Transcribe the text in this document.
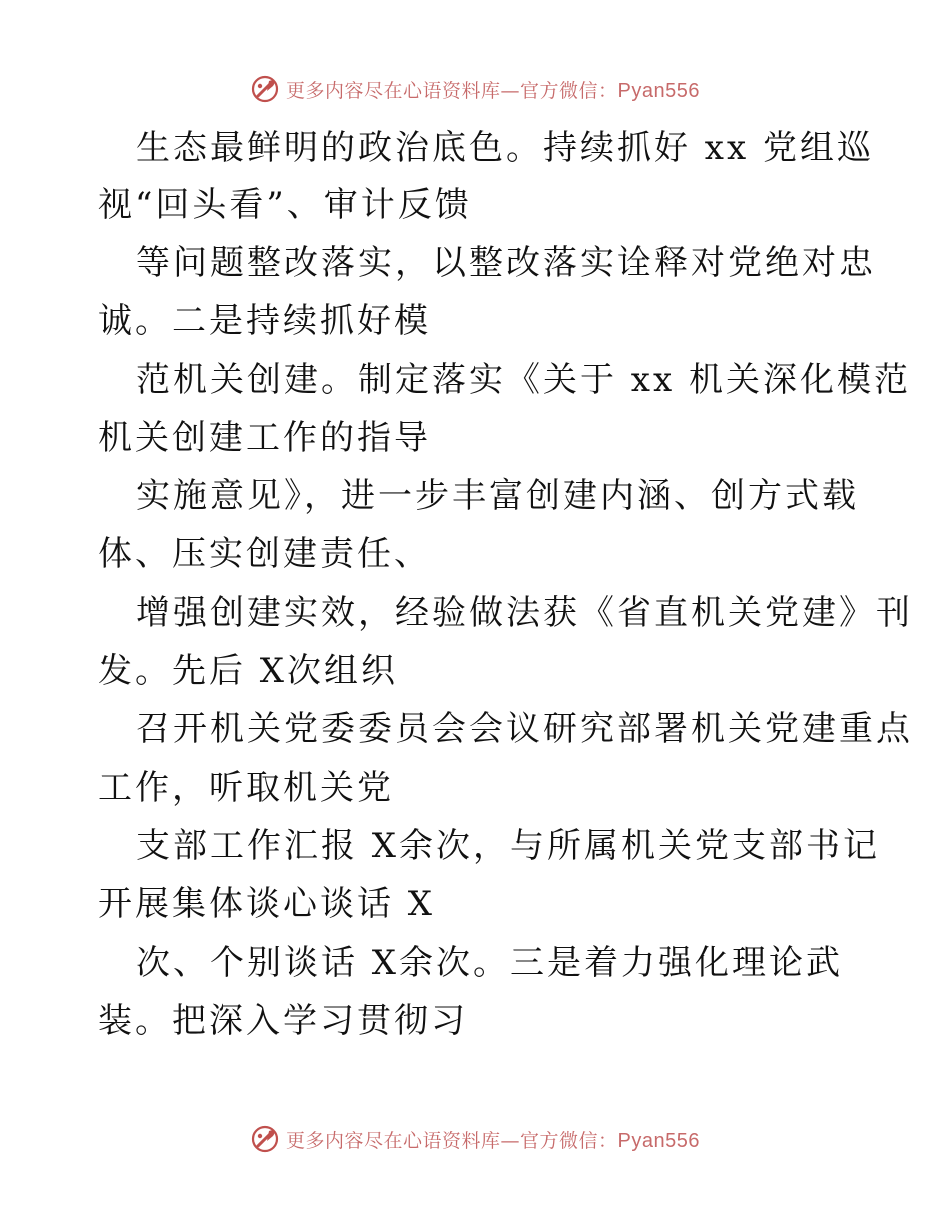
更多内容尽在心语资料库—官方微信：Pyan556
生态最鲜明的政治底色。持续抓好 xx 党组巡
视“回头看”、审计反馈
等问题整改落实，以整改落实诠释对党绝对忠
诚。二是持续抓好模
范机关创建。制定落实《关于 xx 机关深化模范
机关创建工作的指导
实施意见》，进一步丰富创建内涵、创方式载
体、压实创建责任、
增强创建实效，经验做法获《省直机关党建》刊
发。先后 X次组织
召开机关党委委员会会议研究部署机关党建重点
工作，听取机关党
支部工作汇报 X余次，与所属机关党支部书记
开展集体谈心谈话 X
次、个别谈话 X余次。三是着力强化理论武
装。把深入学习贯彻习
更多内容尽在心语资料库—官方微信：Pyan556
